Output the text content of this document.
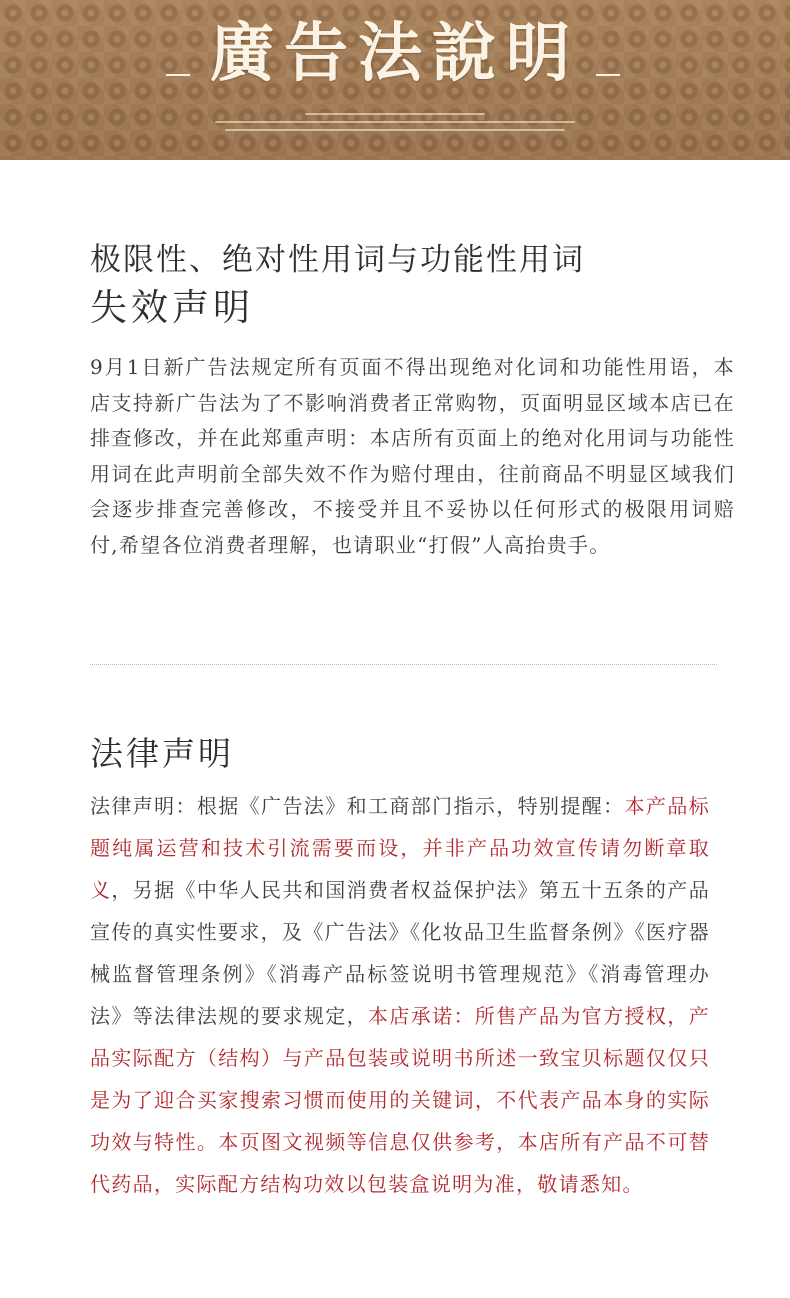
廣告法說明
极限性、绝对性用词与功能性用词
失效声明
9月1日新广告法规定所有页面不得出现绝对化词和功能性用语，本店支持新广告法为了不影响消费者正常购物，页面明显区域本店已在排查修改，并在此郑重声明：本店所有页面上的绝对化用词与功能性用词在此声明前全部失效不作为赔付理由，往前商品不明显区域我们会逐步排查完善修改，不接受并且不妥协以任何形式的极限用词赔付,希望各位消费者理解，也请职业“打假”人高抬贵手。
法律声明
法律声明：根据《广告法》和工商部门指示，特别提醒：本产品标题纯属运营和技术引流需要而设，并非产品功效宣传请勿断章取义，另据《中华人民共和国消费者权益保护法》第五十五条的产品宣传的真实性要求，及《广告法》《化妆品卫生监督条例》《医疗器械监督管理条例》《消毒产品标签说明书管理规范》《消毒管理办法》等法律法规的要求规定，本店承诺：所售产品为官方授权，产品实际配方（结构）与产品包装或说明书所述一致宝贝标题仅仅只是为了迎合买家搜索习惯而使用的关键词，不代表产品本身的实际功效与特性。本页图文视频等信息仅供参考，本店所有产品不可替代药品，实际配方结构功效以包装盒说明为准，敬请悉知。
